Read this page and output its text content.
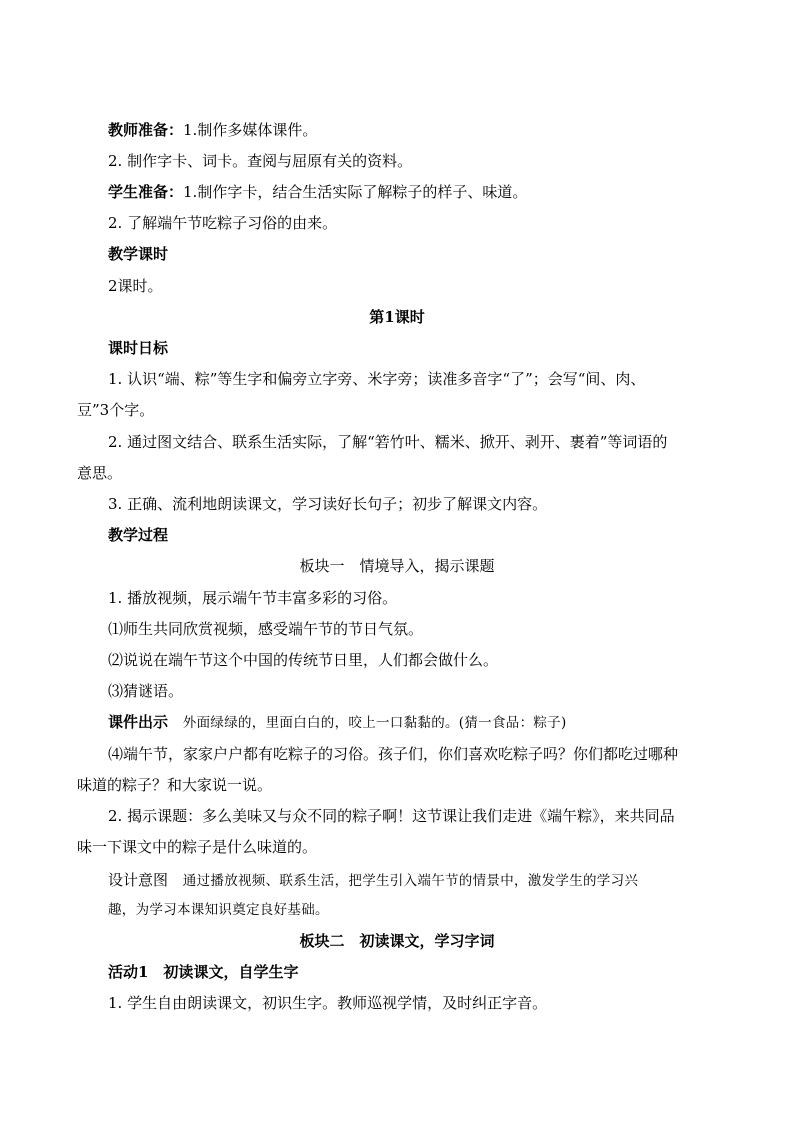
教师准备：1.制作多媒体课件。
2. 制作字卡、词卡。查阅与屈原有关的资料。
学生准备：1.制作字卡，结合生活实际了解粽子的样子、味道。
2. 了解端午节吃粽子习俗的由来。
教学课时
2课时。
第1课时
课时日标
1. 认识“端、粽”等生字和偏旁立字旁、米字旁；读准多音字“了”；会写“间、肉、
豆”3个字。
2. 通过图文结合、联系生活实际，了解“箬竹叶、糯米、掀开、剥开、裹着”等词语的
意思。
3. 正确、流利地朗读课文，学习读好长句子；初步了解课文内容。
教学过程
板块一　情境导入，揭示课题
1. 播放视频，展示端午节丰富多彩的习俗。
⑴师生共同欣赏视频，感受端午节的节日气氛。
⑵说说在端午节这个中国的传统节日里，人们都会做什么。
⑶猜谜语。
课件出示 外面绿绿的，里面白白的，咬上一口黏黏的。(猜一食品：粽子)
⑷端午节，家家户户都有吃粽子的习俗。孩子们，你们喜欢吃粽子吗？你们都吃过哪种
味道的粽子？和大家说一说。
2. 揭示课题：多么美味又与众不同的粽子啊！这节课让我们走进《端午粽》，来共同品
味一下课文中的粽子是什么味道的。
设计意图 通过播放视频、联系生活，把学生引入端午节的情景中，激发学生的学习兴
趣，为学习本课知识奠定良好基础。
板块二　初读课文，学习字词
活动1　初读课文，自学生字
1. 学生自由朗读课文，初识生字。教师巡视学情，及时纠正字音。
